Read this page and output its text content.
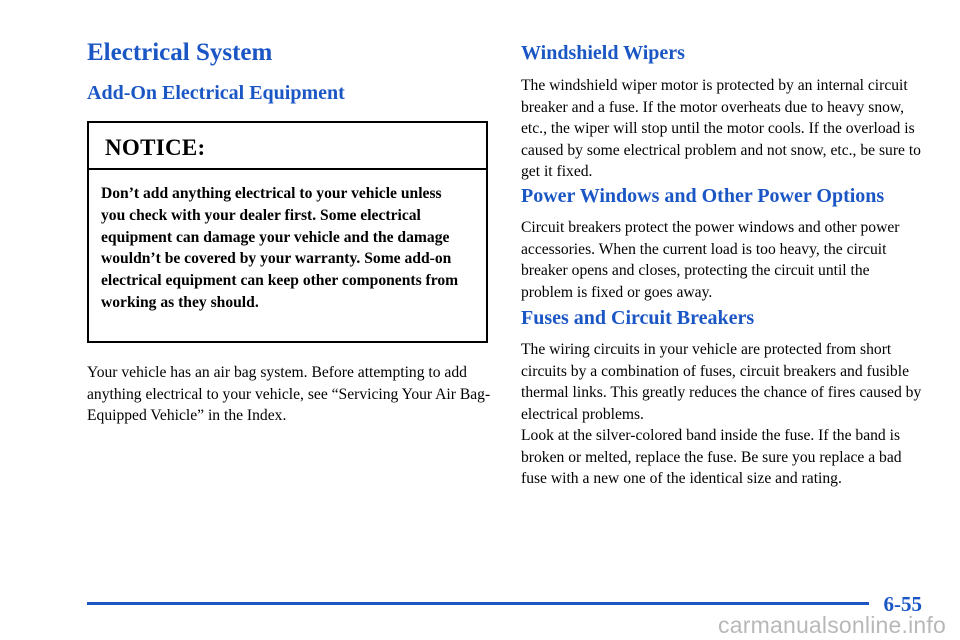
Electrical System
Add-On Electrical Equipment
NOTICE:
Don’t add anything electrical to your vehicle unless you check with your dealer first. Some electrical equipment can damage your vehicle and the damage wouldn’t be covered by your warranty. Some add-on electrical equipment can keep other components from working as they should.

Your vehicle has an air bag system. Before attempting to add anything electrical to your vehicle, see “Servicing Your Air Bag-Equipped Vehicle” in the Index.

Windshield Wipers

The windshield wiper motor is protected by an internal circuit breaker and a fuse. If the motor overheats due to heavy snow, etc., the wiper will stop until the motor cools. If the overload is caused by some electrical problem and not snow, etc., be sure to get it fixed.

Power Windows and Other Power Options

Circuit breakers protect the power windows and other power accessories. When the current load is too heavy, the circuit breaker opens and closes, protecting the circuit until the problem is fixed or goes away.

Fuses and Circuit Breakers

The wiring circuits in your vehicle are protected from short circuits by a combination of fuses, circuit breakers and fusible thermal links. This greatly reduces the chance of fires caused by electrical problems.

Look at the silver-colored band inside the fuse. If the band is broken or melted, replace the fuse. Be sure you replace a bad fuse with a new one of the identical size and rating.

6-55

carmanualsonline.info
